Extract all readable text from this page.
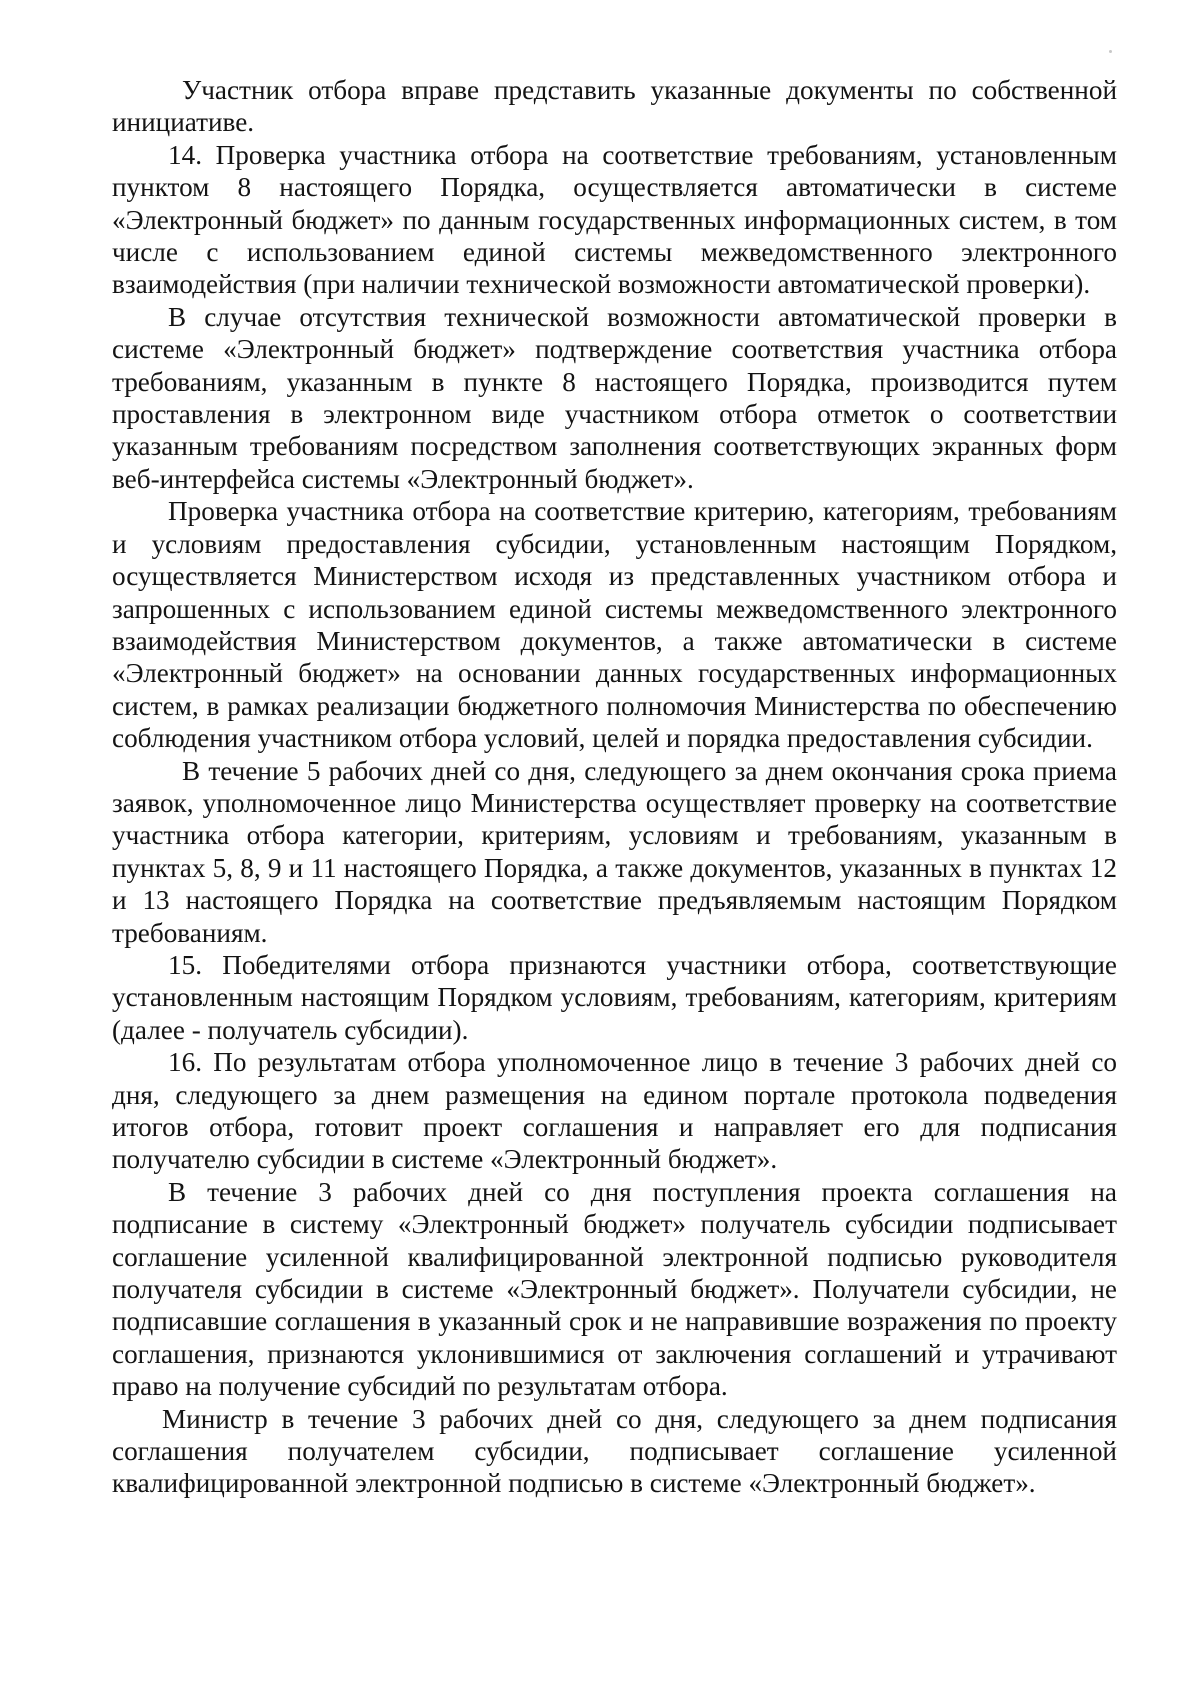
Участник отбора вправе представить указанные документы по собственной инициативе.

14. Проверка участника отбора на соответствие требованиям, установленным пунктом 8 настоящего Порядка, осуществляется автоматически в системе «Электронный бюджет» по данным государственных информационных систем, в том числе с использованием единой системы межведомственного электронного взаимодействия (при наличии технической возможности автоматической проверки).

В случае отсутствия технической возможности автоматической проверки в системе «Электронный бюджет» подтверждение соответствия участника отбора требованиям, указанным в пункте 8 настоящего Порядка, производится путем проставления в электронном виде участником отбора отметок о соответствии указанным требованиям посредством заполнения соответствующих экранных форм веб-интерфейса системы «Электронный бюджет».

Проверка участника отбора на соответствие критерию, категориям, требованиям и условиям предоставления субсидии, установленным настоящим Порядком, осуществляется Министерством исходя из представленных участником отбора и запрошенных с использованием единой системы межведомственного электронного взаимодействия Министерством документов, а также автоматически в системе «Электронный бюджет» на основании данных государственных информационных систем, в рамках реализации бюджетного полномочия Министерства по обеспечению соблюдения участником отбора условий, целей и порядка предоставления субсидии.

В течение 5 рабочих дней со дня, следующего за днем окончания срока приема заявок, уполномоченное лицо Министерства осуществляет проверку на соответствие участника отбора категории, критериям, условиям и требованиям, указанным в пунктах 5, 8, 9 и 11 настоящего Порядка, а также документов, указанных в пунктах 12 и 13 настоящего Порядка на соответствие предъявляемым настоящим Порядком требованиям.

15. Победителями отбора признаются участники отбора, соответствующие установленным настоящим Порядком условиям, требованиям, категориям, критериям (далее - получатель субсидии).

16. По результатам отбора уполномоченное лицо в течение 3 рабочих дней со дня, следующего за днем размещения на едином портале протокола подведения итогов отбора, готовит проект соглашения и направляет его для подписания получателю субсидии в системе «Электронный бюджет».

В течение 3 рабочих дней со дня поступления проекта соглашения на подписание в систему «Электронный бюджет» получатель субсидии подписывает соглашение усиленной квалифицированной электронной подписью руководителя получателя субсидии в системе «Электронный бюджет». Получатели субсидии, не подписавшие соглашения в указанный срок и не направившие возражения по проекту соглашения, признаются уклонившимися от заключения соглашений и утрачивают право на получение субсидий по результатам отбора.

Министр в течение 3 рабочих дней со дня, следующего за днем подписания соглашения получателем субсидии, подписывает соглашение усиленной квалифицированной электронной подписью в системе «Электронный бюджет».
